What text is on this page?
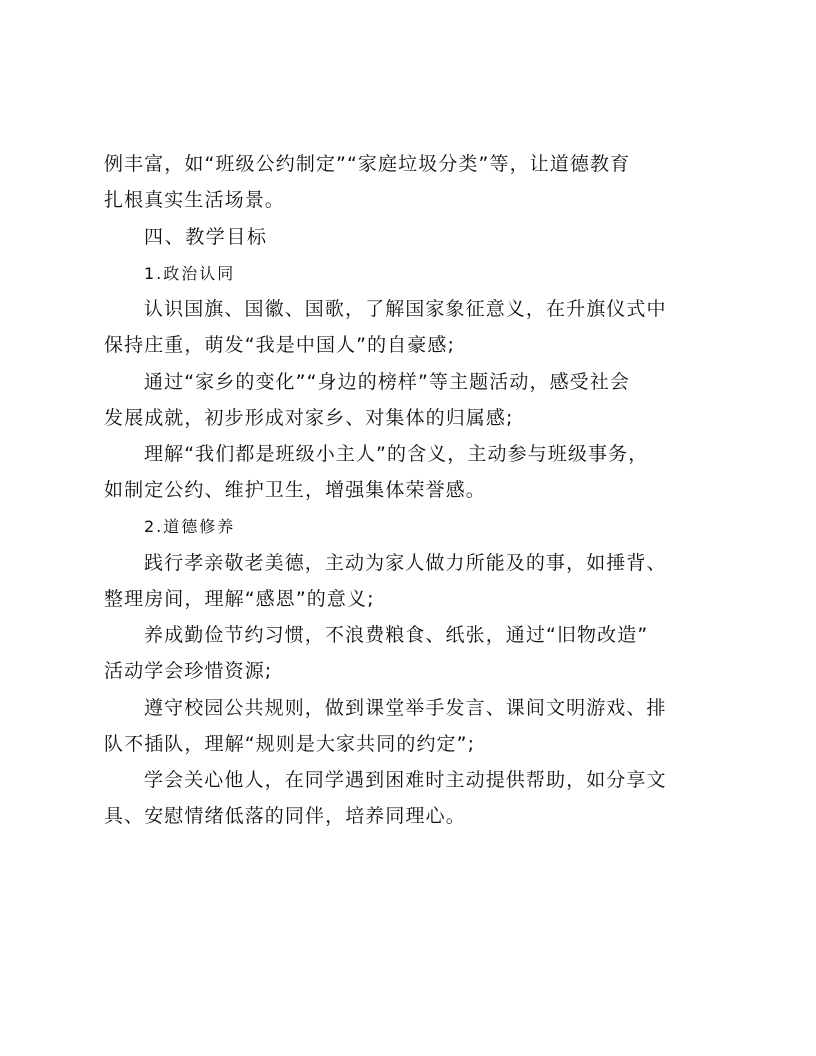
例丰富，如“班级公约制定”“家庭垃圾分类”等，让道德教育
扎根真实生活场景。
四、教学目标
1.政治认同
认识国旗、国徽、国歌，了解国家象征意义，在升旗仪式中
保持庄重，萌发“我是中国人”的自豪感;
通过“家乡的变化”“身边的榜样”等主题活动，感受社会
发展成就，初步形成对家乡、对集体的归属感;
理解“我们都是班级小主人”的含义，主动参与班级事务，
如制定公约、维护卫生，增强集体荣誉感。
2.道德修养
践行孝亲敬老美德，主动为家人做力所能及的事，如捶背、
整理房间，理解“感恩”的意义;
养成勤俭节约习惯，不浪费粮食、纸张，通过“旧物改造”
活动学会珍惜资源;
遵守校园公共规则，做到课堂举手发言、课间文明游戏、排
队不插队，理解“规则是大家共同的约定”;
学会关心他人，在同学遇到困难时主动提供帮助，如分享文
具、安慰情绪低落的同伴，培养同理心。
